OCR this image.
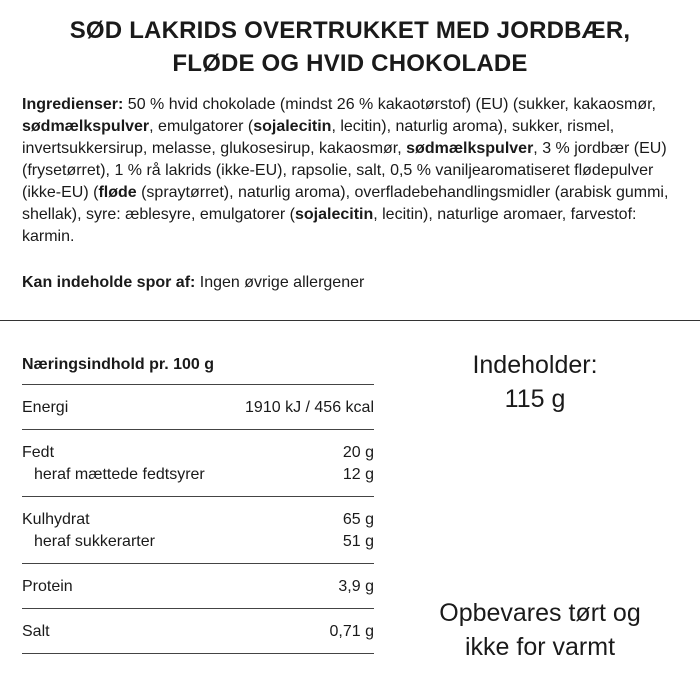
SØD LAKRIDS OVERTRUKKET MED JORDBÆR,
FLØDE OG HVID CHOKOLADE
Ingredienser: 50 % hvid chokolade (mindst 26 % kakaotørstof) (EU) (sukker, kakaosmør, sødmælkspulver, emulgatorer (sojalecitin, lecitin), naturlig aroma), sukker, rismel, invertsukkersirup, melasse, glukosesirup, kakaosmør, sødmælkspulver, 3 % jordbær (EU) (frysetørret), 1 % rå lakrids (ikke-EU), rapsolie, salt, 0,5 % vaniljearomatiseret flødepulver (ikke-EU) (fløde (spraytørret), naturlig aroma), overfladebehandlingsmidler (arabisk gummi, shellak), syre: æblesyre, emulgatorer (sojalecitin, lecitin), naturlige aromaer, farvestof: karmin.
Kan indeholde spor af: Ingen øvrige allergener
Næringsindhold pr. 100 g
Energi	1910 kJ / 456 kcal
Fedt	20 g
heraf mættede fedtsyrer	12 g
Kulhydrat	65 g
heraf sukkerarter	51 g
Protein	3,9 g
Salt	0,71 g
Indeholder:
115 g
Opbevares tørt og
ikke for varmt
